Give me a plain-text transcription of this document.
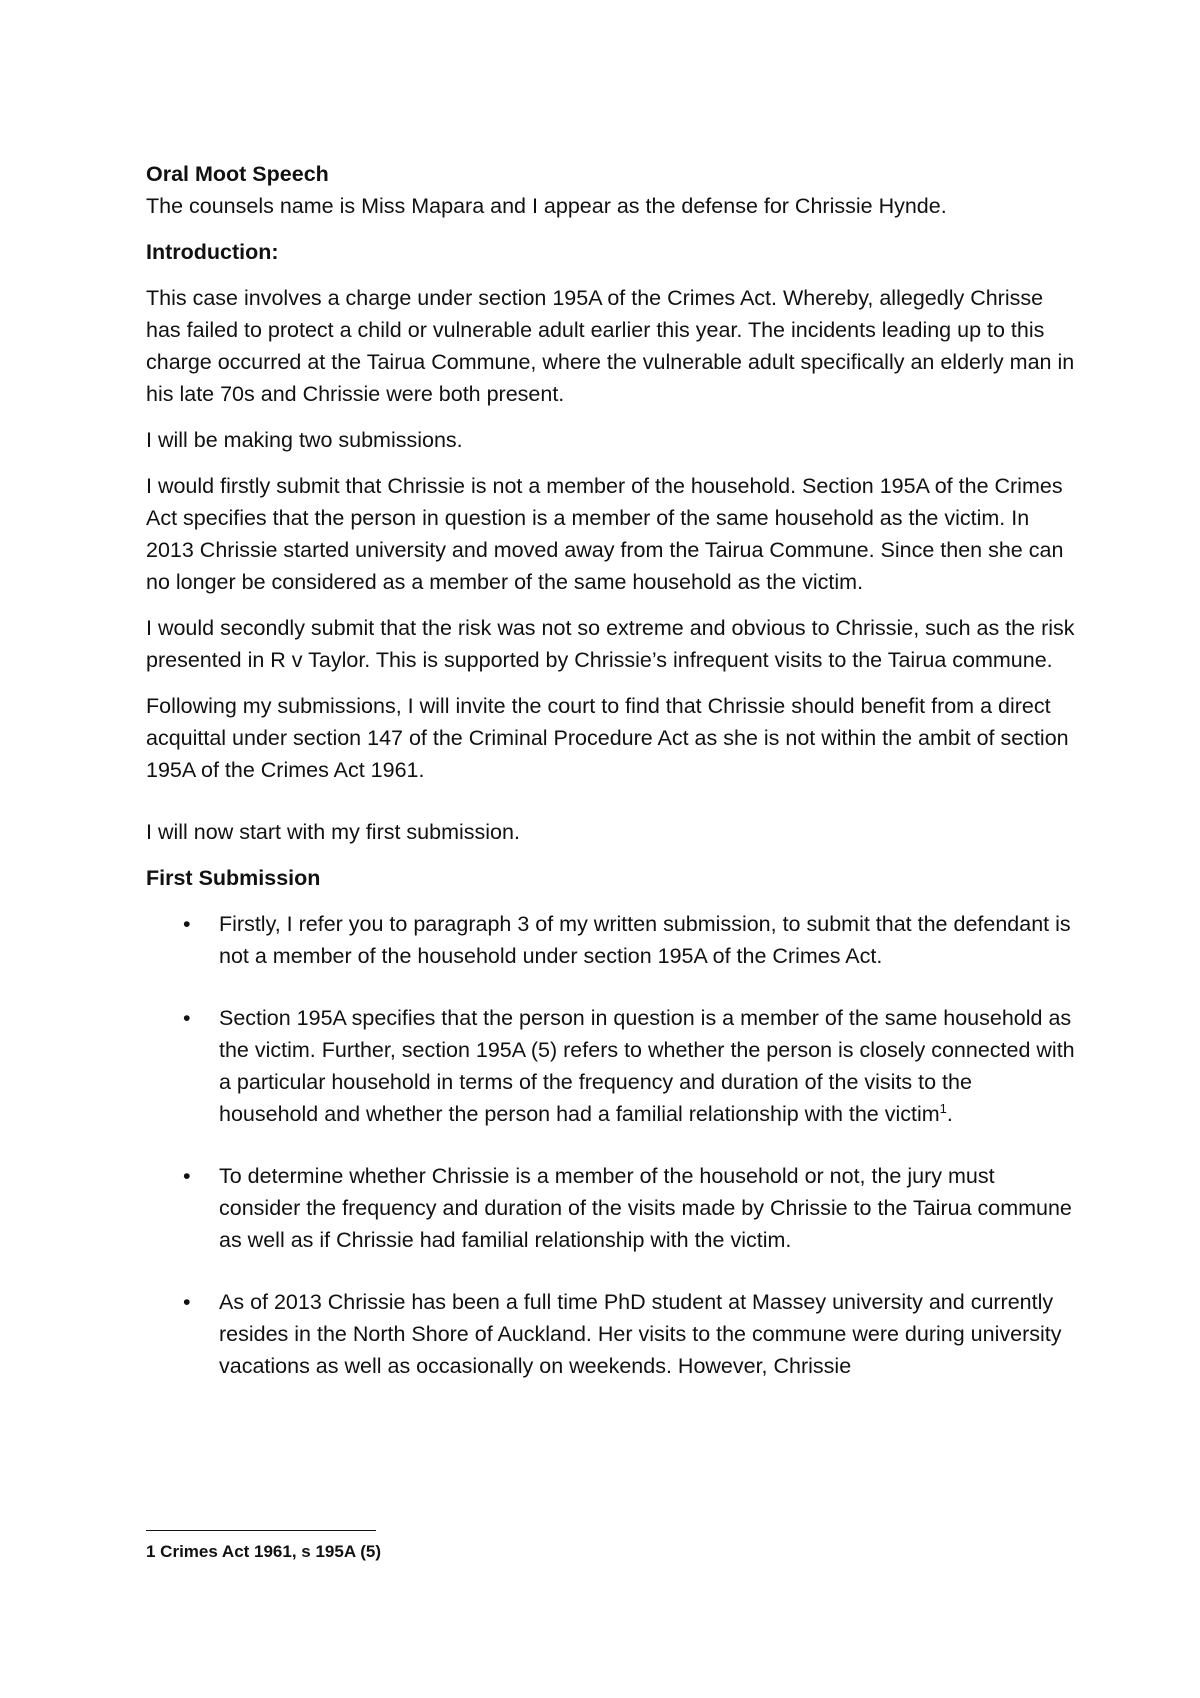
Oral Moot Speech

The counsels name is Miss Mapara and I appear as the defense for Chrissie Hynde.

Introduction:

This case involves a charge under section 195A of the Crimes Act. Whereby, allegedly Chrisse has failed to protect a child or vulnerable adult earlier this year. The incidents leading up to this charge occurred at the Tairua Commune, where the vulnerable adult specifically an elderly man in his late 70s and Chrissie were both present.

I will be making two submissions.

I would firstly submit that Chrissie is not a member of the household. Section 195A of the Crimes Act specifies that the person in question is a member of the same household as the victim. In 2013 Chrissie started university and moved away from the Tairua Commune. Since then she can no longer be considered as a member of the same household as the victim.

I would secondly submit that the risk was not so extreme and obvious to Chrissie, such as the risk presented in R v Taylor. This is supported by Chrissie’s infrequent visits to the Tairua commune.

Following my submissions, I will invite the court to find that Chrissie should benefit from a direct acquittal under section 147 of the Criminal Procedure Act as she is not within the ambit of section 195A of the Crimes Act 1961.

I will now start with my first submission.

First Submission

• Firstly, I refer you to paragraph 3 of my written submission, to submit that the defendant is not a member of the household under section 195A of the Crimes Act.
• Section 195A specifies that the person in question is a member of the same household as the victim. Further, section 195A (5) refers to whether the person is closely connected with a particular household in terms of the frequency and duration of the visits to the household and whether the person had a familial relationship with the victim$^1$.
• To determine whether Chrissie is a member of the household or not, the jury must consider the frequency and duration of the visits made by Chrissie to the Tairua commune as well as if Chrissie had familial relationship with the victim.
• As of 2013 Chrissie has been a full time PhD student at Massey university and currently resides in the North Shore of Auckland. Her visits to the commune were during university vacations as well as occasionally on weekends. However, Chrissie
1 Crimes Act 1961, s 195A (5)
